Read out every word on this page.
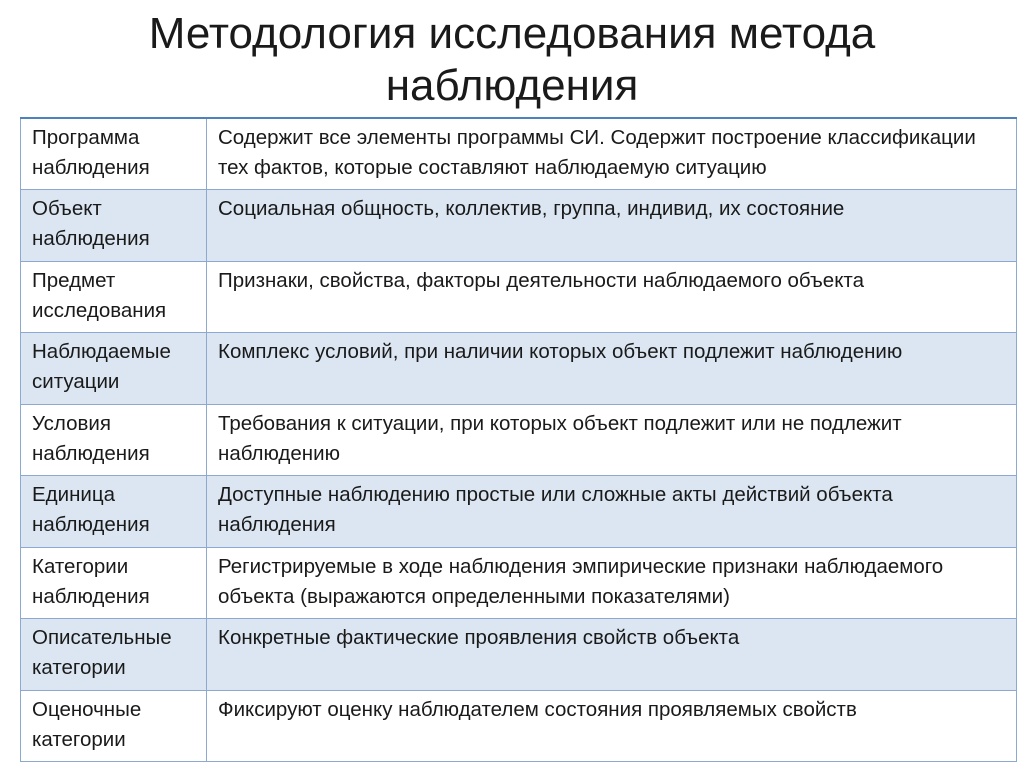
Методология исследования метода
наблюдения
Программа
наблюдения	Содержит все элементы программы СИ. Содержит построение классификации тех фактов, которые составляют наблюдаемую ситуацию
Объект
наблюдения	Социальная общность, коллектив, группа, индивид, их состояние
Предмет
исследования	Признаки, свойства, факторы деятельности наблюдаемого объекта
Наблюдаемые
ситуации	Комплекс условий, при наличии которых объект подлежит наблюдению
Условия
наблюдения	Требования к ситуации, при которых объект подлежит или не подлежит наблюдению
Единица
наблюдения	Доступные наблюдению простые или сложные акты действий объекта наблюдения
Категории
наблюдения	Регистрируемые в ходе наблюдения эмпирические признаки наблюдаемого объекта (выражаются определенными показателями)
Описательные
категории	Конкретные фактические проявления свойств объекта
Оценочные
категории	Фиксируют оценку наблюдателем состояния проявляемых свойств
